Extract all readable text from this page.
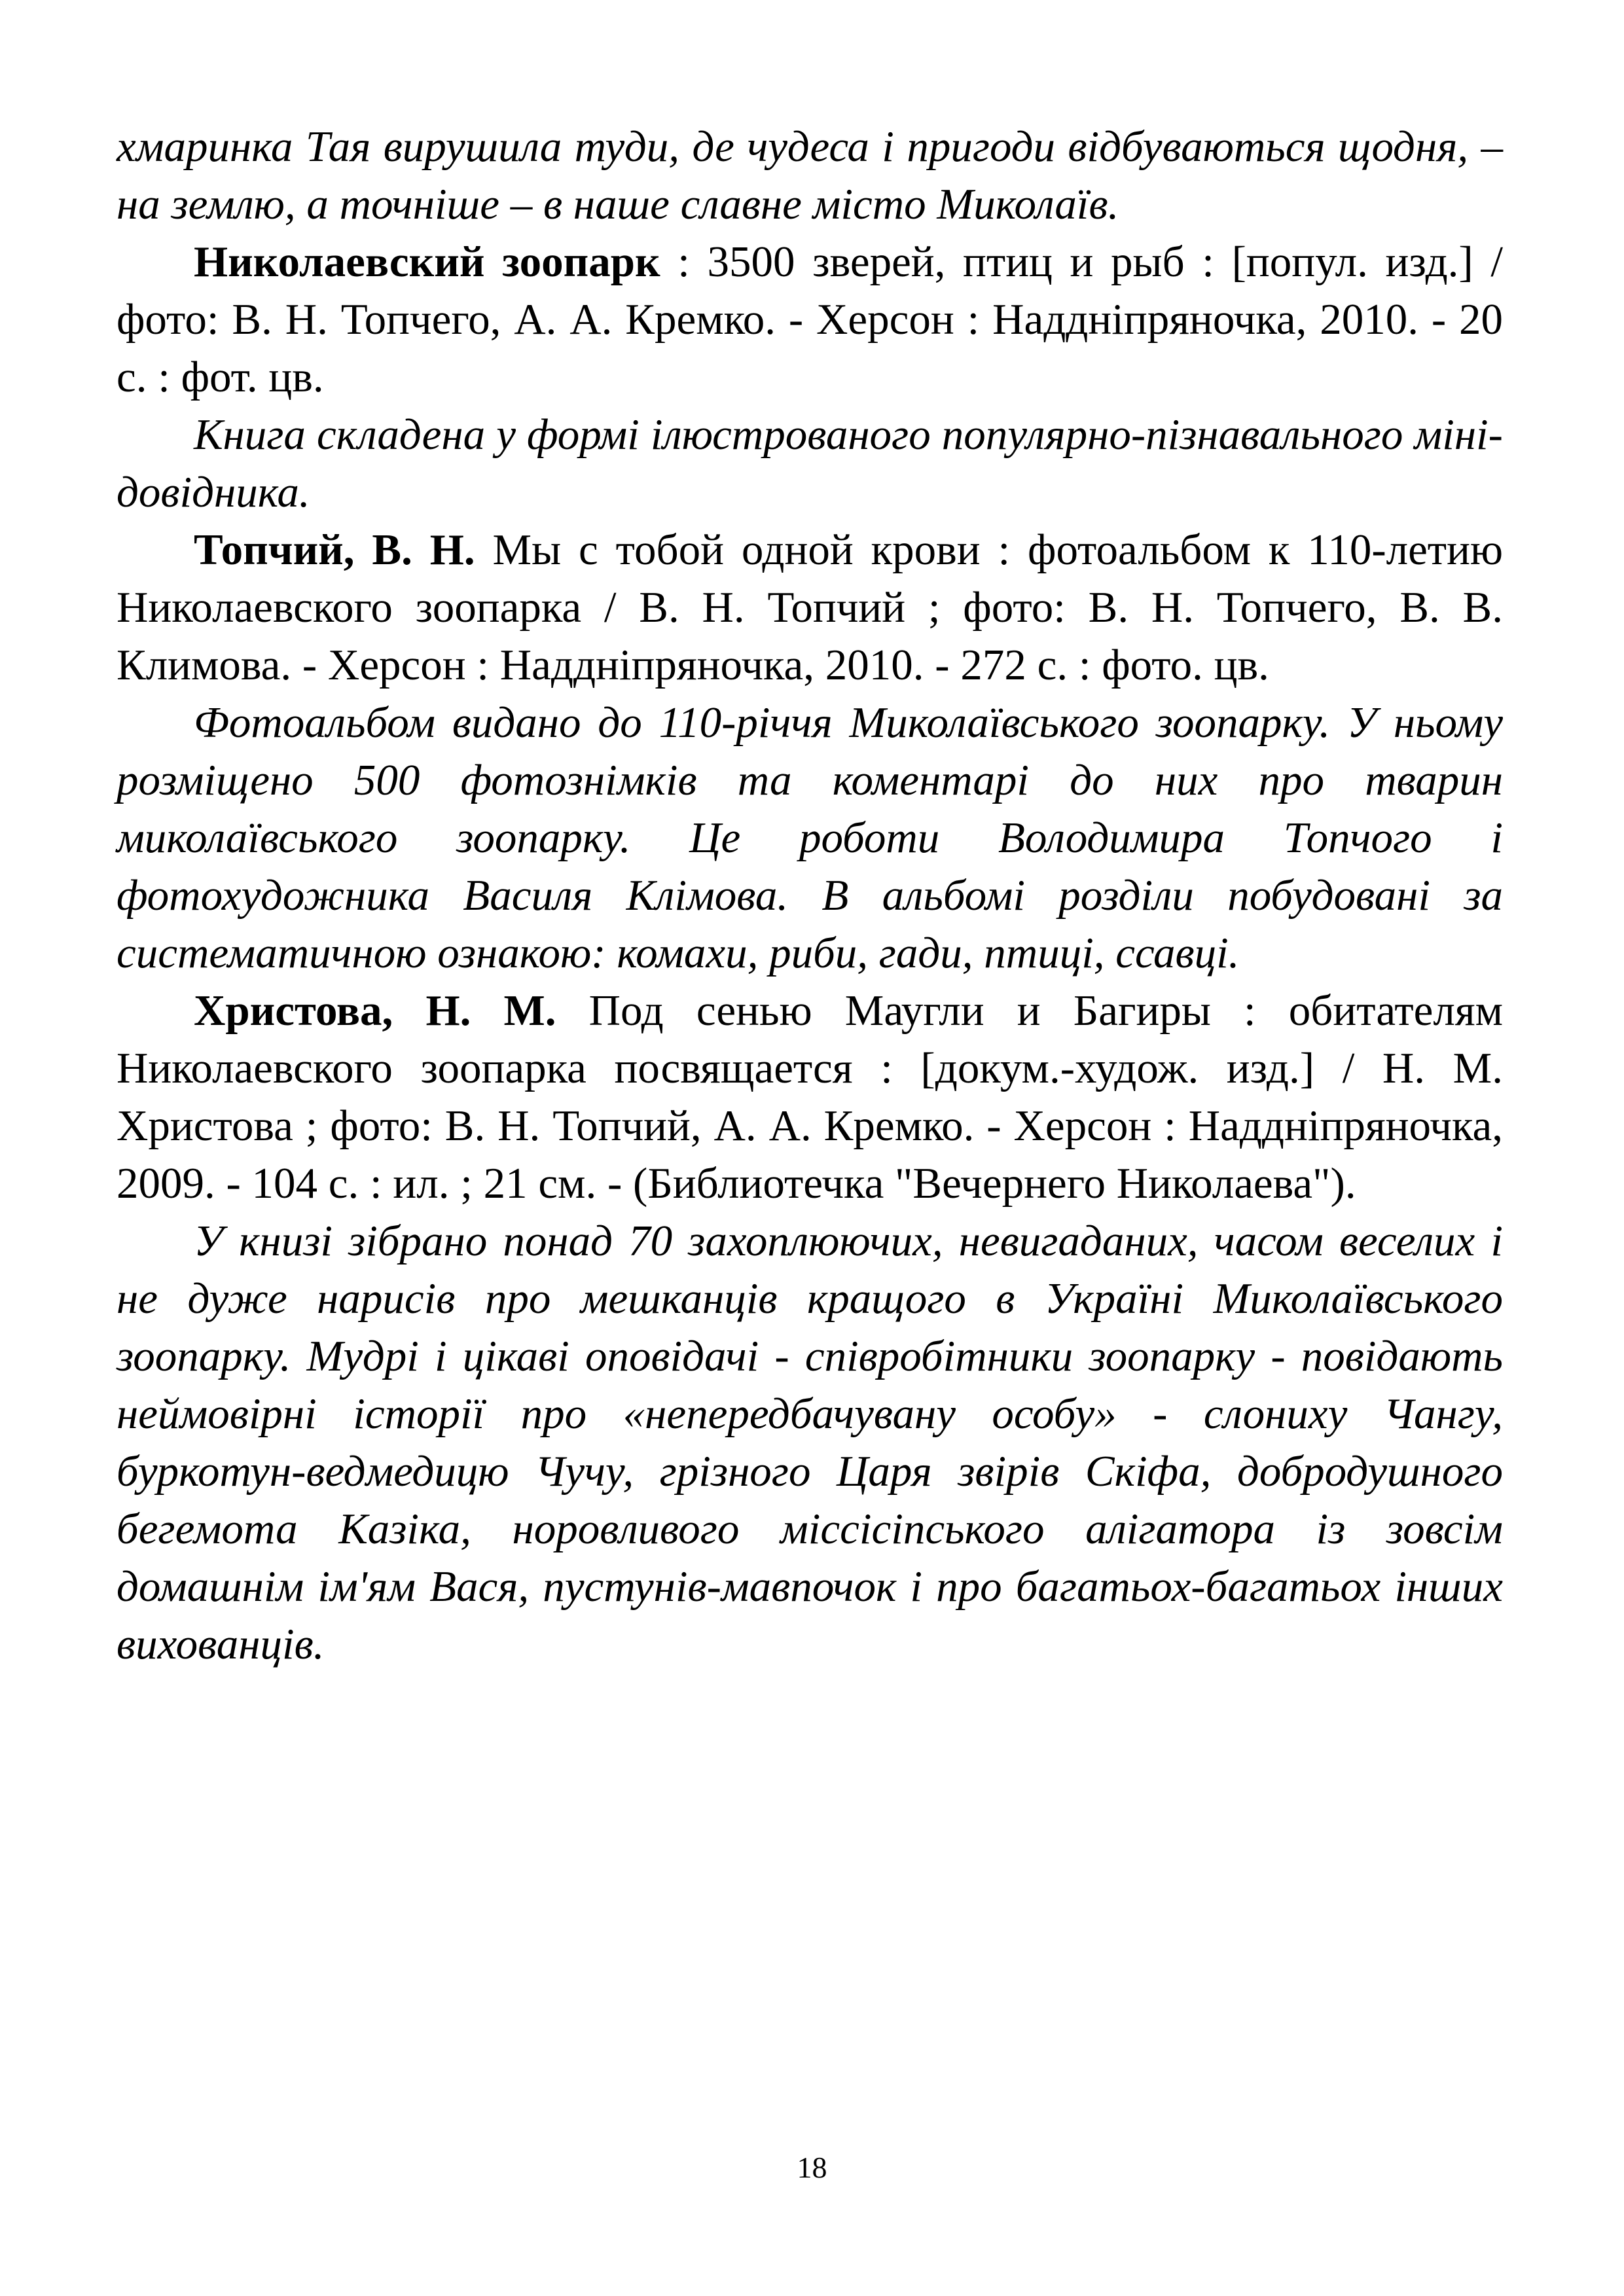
хмаринка Тая вирушила туди, де чудеса і пригоди відбуваються щодня, – на землю, а точніше – в наше славне місто Миколаїв.

Николаевский зоопарк : 3500 зверей, птиц и рыб : [попул. изд.] / фото: В. Н. Топчего, А. А. Кремко. - Херсон : Наддніпряночка, 2010. - 20 с. : фот. цв.

Книга складена у формі ілюстрованого популярно-пізнавального міні-довідника.

Топчий, В. Н. Мы с тобой одной крови : фотоальбом к 110-летию Николаевского зоопарка / В. Н. Топчий ; фото: В. Н. Топчего, В. В. Климова. - Херсон : Наддніпряночка, 2010. - 272 с. : фото. цв.

Фотоальбом видано до 110-річчя Миколаївського зоопарку. У ньому розміщено 500 фотознімків та коментарі до них про тварин миколаївського зоопарку. Це роботи Володимира Топчого і фотохудожника Василя Клімова. В альбомі розділи побудовані за систематичною ознакою: комахи, риби, гади, птиці, ссавці.

Христова, Н. М. Под сенью Маугли и Багиры : обитателям Николаевского зоопарка посвящается : [докум.-худож. изд.] / Н. М. Христова ; фото: В. Н. Топчий, А. А. Кремко. - Херсон : Наддніпряночка, 2009. - 104 с. : ил. ; 21 см. - (Библиотечка "Вечернего Николаева").

У книзі зібрано понад 70 захоплюючих, невигаданих, часом веселих і не дуже нарисів про мешканців кращого в Україні Миколаївського зоопарку. Мудрі і цікаві оповідачі - співробітники зоопарку - повідають неймовірні історії про «непередбачувану особу» - слониху Чангу, буркотун-ведмедицю Чучу, грізного Царя звірів Скіфа, добродушного бегемота Казіка, норовливого міссісіпського алігатора із зовсім домашнім ім'ям Вася, пустунів-мавпочок і про багатьох-багатьох інших вихованців.

18
